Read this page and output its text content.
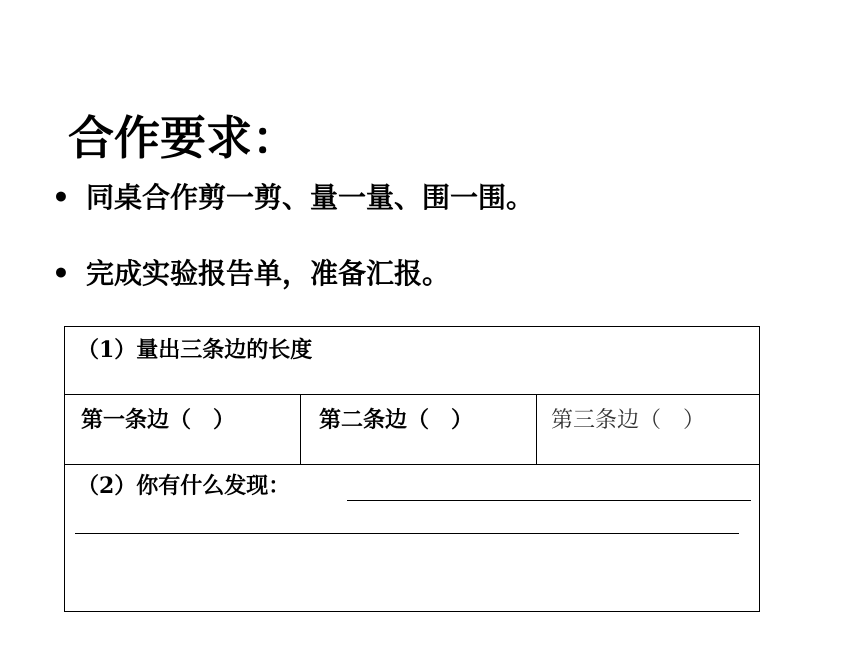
合作要求：
• 同桌合作剪一剪、量一量、围一围。
• 完成实验报告单，准备汇报。
（1）量出三条边的长度
第一条边（　）	第二条边（　）	第三条边（　）
（2）你有什么发现：
